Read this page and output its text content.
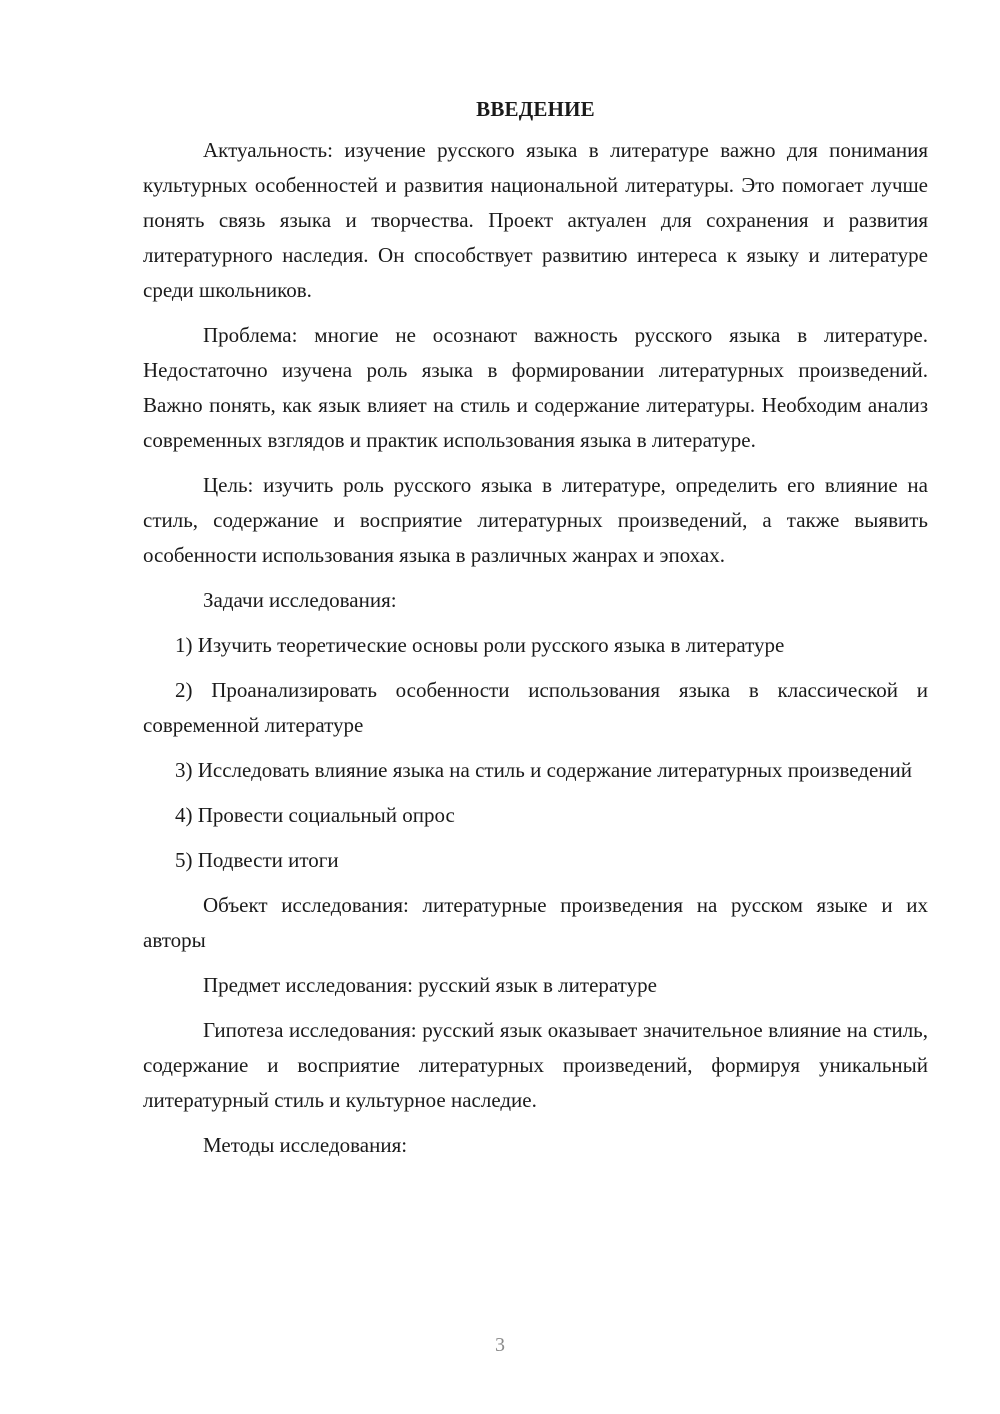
ВВЕДЕНИЕ

Актуальность: изучение русского языка в литературе важно для понимания культурных особенностей и развития национальной литературы. Это помогает лучше понять связь языка и творчества. Проект актуален для сохранения и развития литературного наследия. Он способствует развитию интереса к языку и литературе среди школьников.

Проблема: многие не осознают важность русского языка в литературе. Недостаточно изучена роль языка в формировании литературных произведений. Важно понять, как язык влияет на стиль и содержание литературы. Необходим анализ современных взглядов и практик использования языка в литературе.

Цель: изучить роль русского языка в литературе, определить его влияние на стиль, содержание и восприятие литературных произведений, а также выявить особенности использования языка в различных жанрах и эпохах.

Задачи исследования:

1) Изучить теоретические основы роли русского языка в литературе

2) Проанализировать особенности использования языка в классической и современной литературе

3) Исследовать влияние языка на стиль и содержание литературных произведений

4) Провести социальный опрос

5) Подвести итоги

Объект исследования: литературные произведения на русском языке и их авторы

Предмет исследования: русский язык в литературе

Гипотеза исследования: русский язык оказывает значительное влияние на стиль, содержание и восприятие литературных произведений, формируя уникальный литературный стиль и культурное наследие.

Методы исследования:

3
